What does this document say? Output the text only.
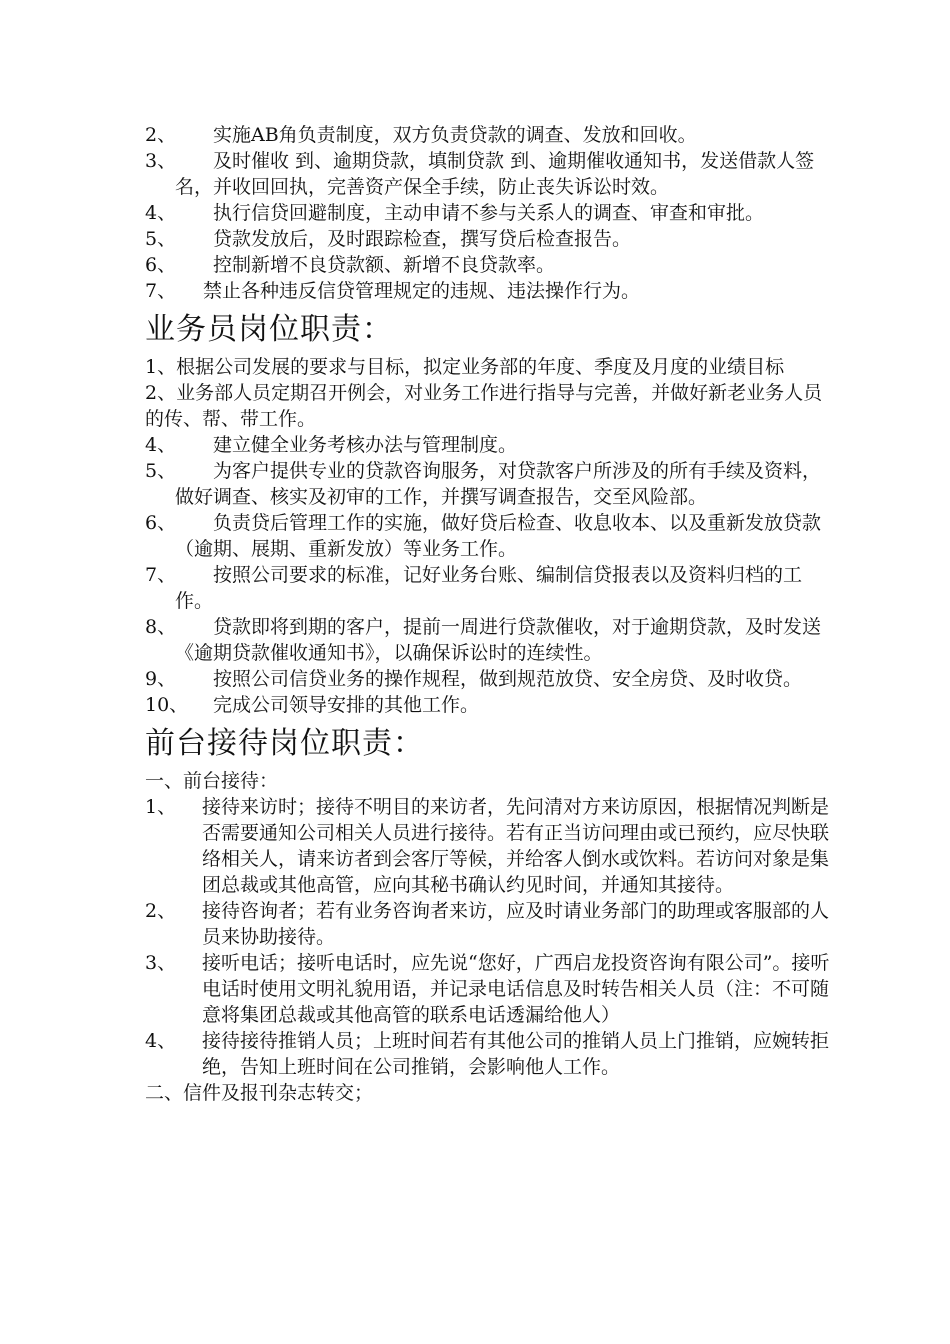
2、	实施AB角负责制度，双方负责贷款的调查、发放和回收。
3、	及时催收 到、逾期贷款，填制贷款 到、逾期催收通知书，发送借款人签名，并收回回执，完善资产保全手续，防止丧失诉讼时效。
4、	执行信贷回避制度，主动申请不参与关系人的调查、审查和审批。
5、	贷款发放后，及时跟踪检查，撰写贷后检查报告。
6、	控制新增不良贷款额、新增不良贷款率。
7、	禁止各种违反信贷管理规定的违规、违法操作行为。
业务员岗位职责：
1、根据公司发展的要求与目标，拟定业务部的年度、季度及月度的业绩目标
2、业务部人员定期召开例会，对业务工作进行指导与完善，并做好新老业务人员的传、帮、带工作。
4、	建立健全业务考核办法与管理制度。
5、	为客户提供专业的贷款咨询服务，对贷款客户所涉及的所有手续及资料，做好调查、核实及初审的工作，并撰写调查报告，交至风险部。
6、	负责贷后管理工作的实施，做好贷后检查、收息收本、以及重新发放贷款（逾期、展期、重新发放）等业务工作。
7、	按照公司要求的标准，记好业务台账、编制信贷报表以及资料归档的工作。
8、	贷款即将到期的客户，提前一周进行贷款催收，对于逾期贷款，及时发送《逾期贷款催收通知书》，以确保诉讼时的连续性。
9、	按照公司信贷业务的操作规程，做到规范放贷、安全房贷、及时收贷。
10、	完成公司领导安排的其他工作。
前台接待岗位职责：
一、前台接待：
1、 接待来访时；接待不明目的来访者，先问清对方来访原因，根据情况判断是否需要通知公司相关人员进行接待。若有正当访问理由或已预约，应尽快联络相关人，请来访者到会客厅等候，并给客人倒水或饮料。若访问对象是集团总裁或其他高管，应向其秘书确认约见时间，并通知其接待。
2、 接待咨询者；若有业务咨询者来访，应及时请业务部门的助理或客服部的人员来协助接待。
3、 接听电话；接听电话时，应先说“您好，广西启龙投资咨询有限公司”。接听电话时使用文明礼貌用语，并记录电话信息及时转告相关人员（注：不可随意将集团总裁或其他高管的联系电话透漏给他人）
4、 接待接待推销人员；上班时间若有其他公司的推销人员上门推销，应婉转拒绝，告知上班时间在公司推销，会影响他人工作。
二、信件及报刊杂志转交；
